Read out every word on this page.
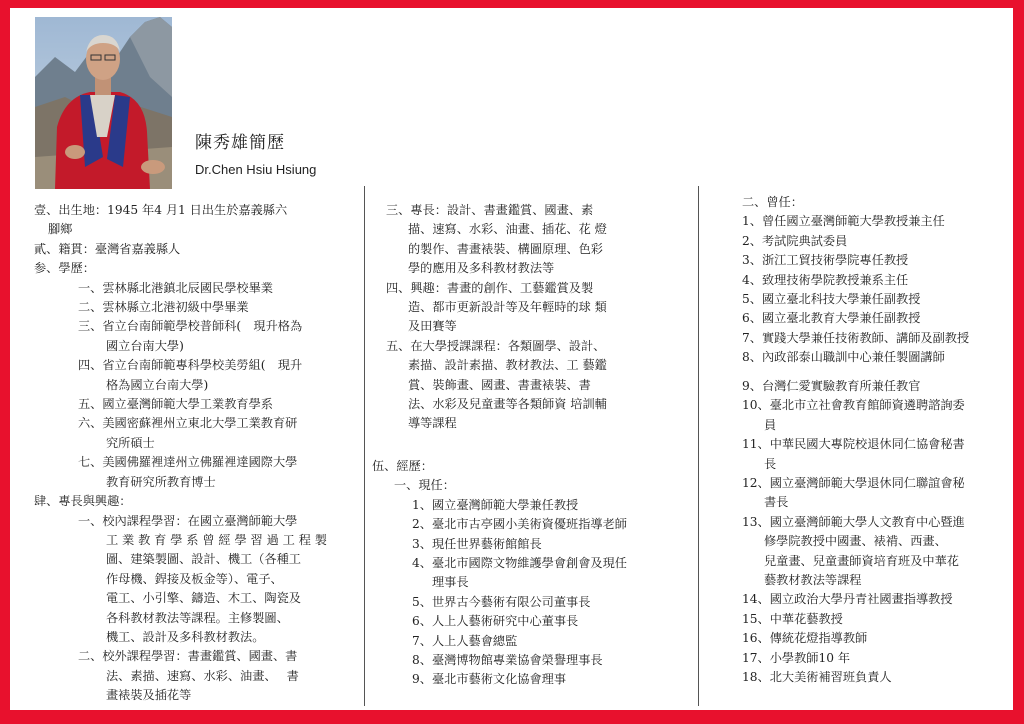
陳秀雄簡歷
Dr.Chen Hsiu Hsiung
壹、出生地：1945 年4 月1 日出生於嘉義縣六
腳鄉
貳、籍貫：臺灣省嘉義縣人
参、學歷：
一、雲林縣北港鎮北辰國民學校畢業
二、雲林縣立北港初級中學畢業
三、省立台南師範學校普師科(　現升格為
國立台南大學)
四、省立台南師範專科學校美勞組(　現升
格為國立台南大學)
五、國立臺灣師範大學工業教育學系
六、美國密蘇裡州立東北大學工業教育研
究所碩士
七、美國佛羅裡達州立佛羅裡達國際大學
教育研究所教育博士
肆、專長與興趣：
一、校內課程學習：在國立臺灣師範大學
工 業 教 育 學 系 曾 經 學 習 過 工 程 製
圖、建築製圖、設計、機工（各種工
作母機、銲接及板金等）、電子、
電工、小引擎、鑄造、木工、陶瓷及
各科教材教法等課程。主修製圖、
機工、設計及多科教材教法。
二、校外課程學習：書畫鑑賞、國畫、書
法、素描、速寫、水彩、油畫、　 書
畫裱裝及插花等
三、專長：設計、書畫鑑賞、國畫、素
描、速寫、水彩、油畫、插花、花 燈
的製作、書畫裱裝、構圖原理、色彩
學的應用及多科教材教法等
四、興趣：書畫的創作、工藝鑑賞及製
造、都市更新設計等及年輕時的球 類
及田賽等
五、在大學授課課程：各類圖學、設計、
素描、設計素描、教材教法、工 藝鑑
賞、裝飾畫、國畫、書畫裱裝、書
法、水彩及兒童畫等各類師資 培訓輔
導等課程
伍、經歷：
一、現任：
1、國立臺灣師範大學兼任教授
2、臺北市古亭國小美術資優班指導老師
3、現任世界藝術館館長
4、臺北市國際文物維護學會創會及現任
理事長
5、世界古今藝術有限公司董事長
6、人上人藝術研究中心董事長
7、人上人藝會總監
8、臺灣博物館專業協會榮譽理事長
9、臺北市藝術文化協會理事
二、曾任：
1、曾任國立臺灣師範大學教授兼主任
2、考試院典試委員
3、浙江工貿技術學院專任教授
4、致理技術學院教授兼系主任
5、國立臺北科技大學兼任副教授
6、國立臺北教育大學兼任副教授
7、實踐大學兼任技術教師、講師及副教授
8、內政部泰山職訓中心兼任製圖講師
9、台灣仁愛實驗教育所兼任教官
10、臺北市立社會教育館師資遴聘諮詢委
員
11、中華民國大專院校退休同仁協會秘書
長
12、國立臺灣師範大學退休同仁聯誼會秘
書長
13、國立臺灣師範大學人文教育中心暨進
修學院教授中國畫、裱褙、西畫、
兒童畫、兒童畫師資培育班及中華花
藝教材教法等課程
14、國立政治大學丹青社國畫指導教授
15、中華花藝教授
16、傳統花燈指導教師
17、小學教師10 年
18、北大美術補習班負責人
